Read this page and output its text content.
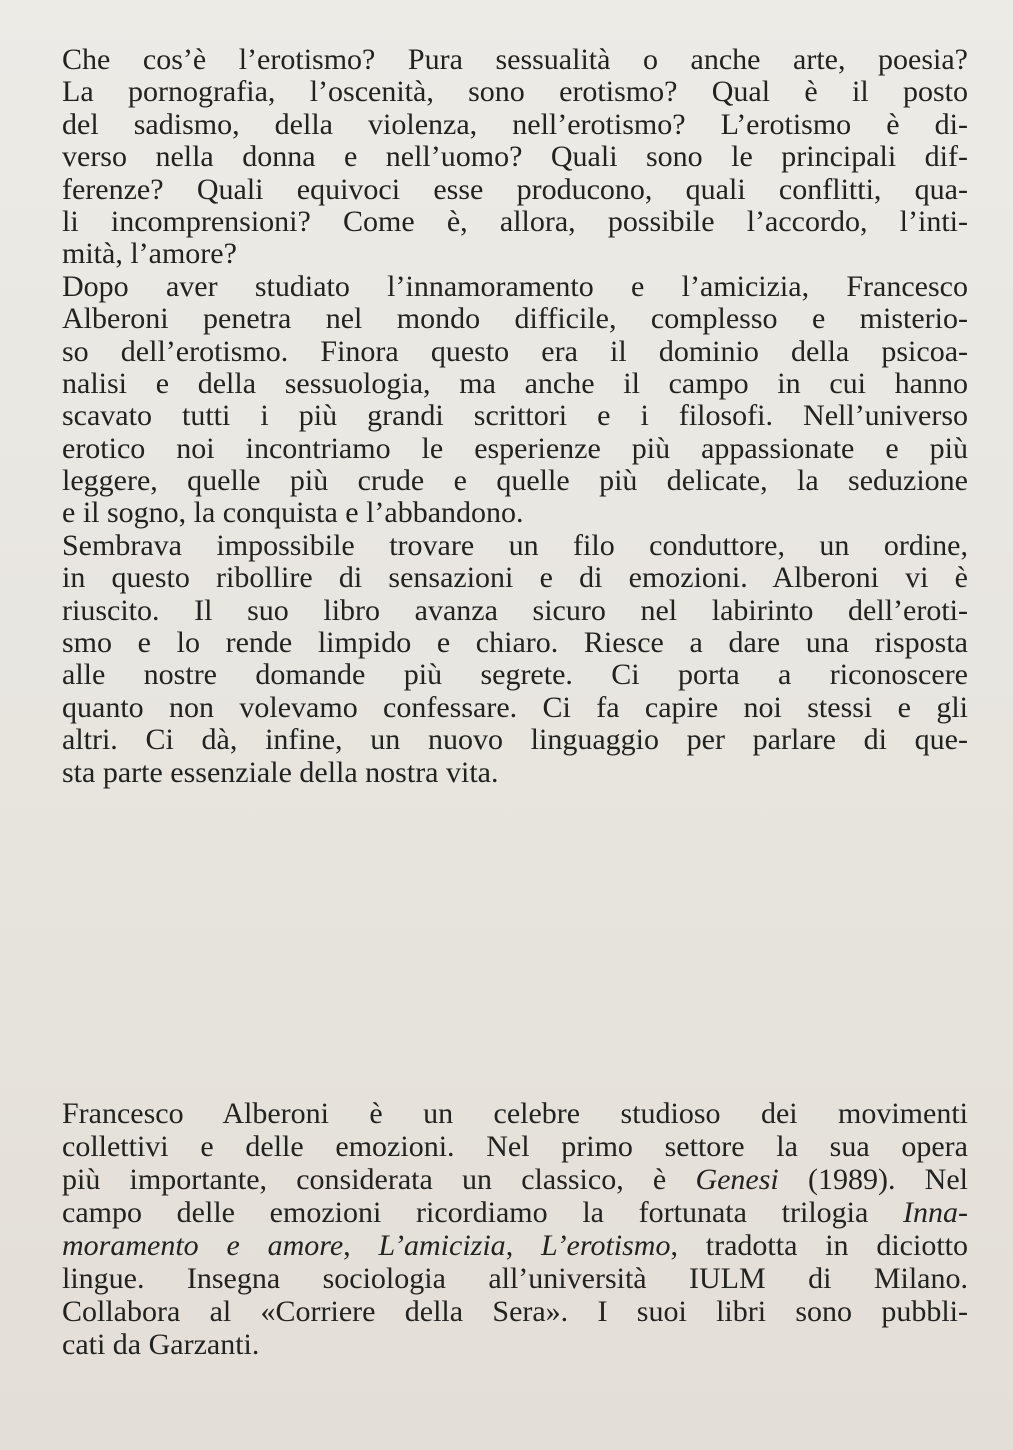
Che cos’è l’erotismo? Pura sessualità o anche arte, poesia?
La pornografia, l’oscenità, sono erotismo? Qual è il posto
del sadismo, della violenza, nell’erotismo? L’erotismo è di-
verso nella donna e nell’uomo? Quali sono le principali dif-
ferenze? Quali equivoci esse producono, quali conflitti, qua-
li incomprensioni? Come è, allora, possibile l’accordo, l’inti-
mità, l’amore?
Dopo aver studiato l’innamoramento e l’amicizia, Francesco
Alberoni penetra nel mondo difficile, complesso e misterio-
so dell’erotismo. Finora questo era il dominio della psicoa-
nalisi e della sessuologia, ma anche il campo in cui hanno
scavato tutti i più grandi scrittori e i filosofi. Nell’universo
erotico noi incontriamo le esperienze più appassionate e più
leggere, quelle più crude e quelle più delicate, la seduzione
e il sogno, la conquista e l’abbandono.
Sembrava impossibile trovare un filo conduttore, un ordine,
in questo ribollire di sensazioni e di emozioni. Alberoni vi è
riuscito. Il suo libro avanza sicuro nel labirinto dell’eroti-
smo e lo rende limpido e chiaro. Riesce a dare una risposta
alle nostre domande più segrete. Ci porta a riconoscere
quanto non volevamo confessare. Ci fa capire noi stessi e gli
altri. Ci dà, infine, un nuovo linguaggio per parlare di que-
sta parte essenziale della nostra vita.
Francesco Alberoni è un celebre studioso dei movimenti
collettivi e delle emozioni. Nel primo settore la sua opera
più importante, considerata un classico, è Genesi (1989). Nel
campo delle emozioni ricordiamo la fortunata trilogia Inna-
moramento e amore, L’amicizia, L’erotismo, tradotta in diciotto
lingue. Insegna sociologia all’università IULM di Milano.
Collabora al «Corriere della Sera». I suoi libri sono pubbli-
cati da Garzanti.
